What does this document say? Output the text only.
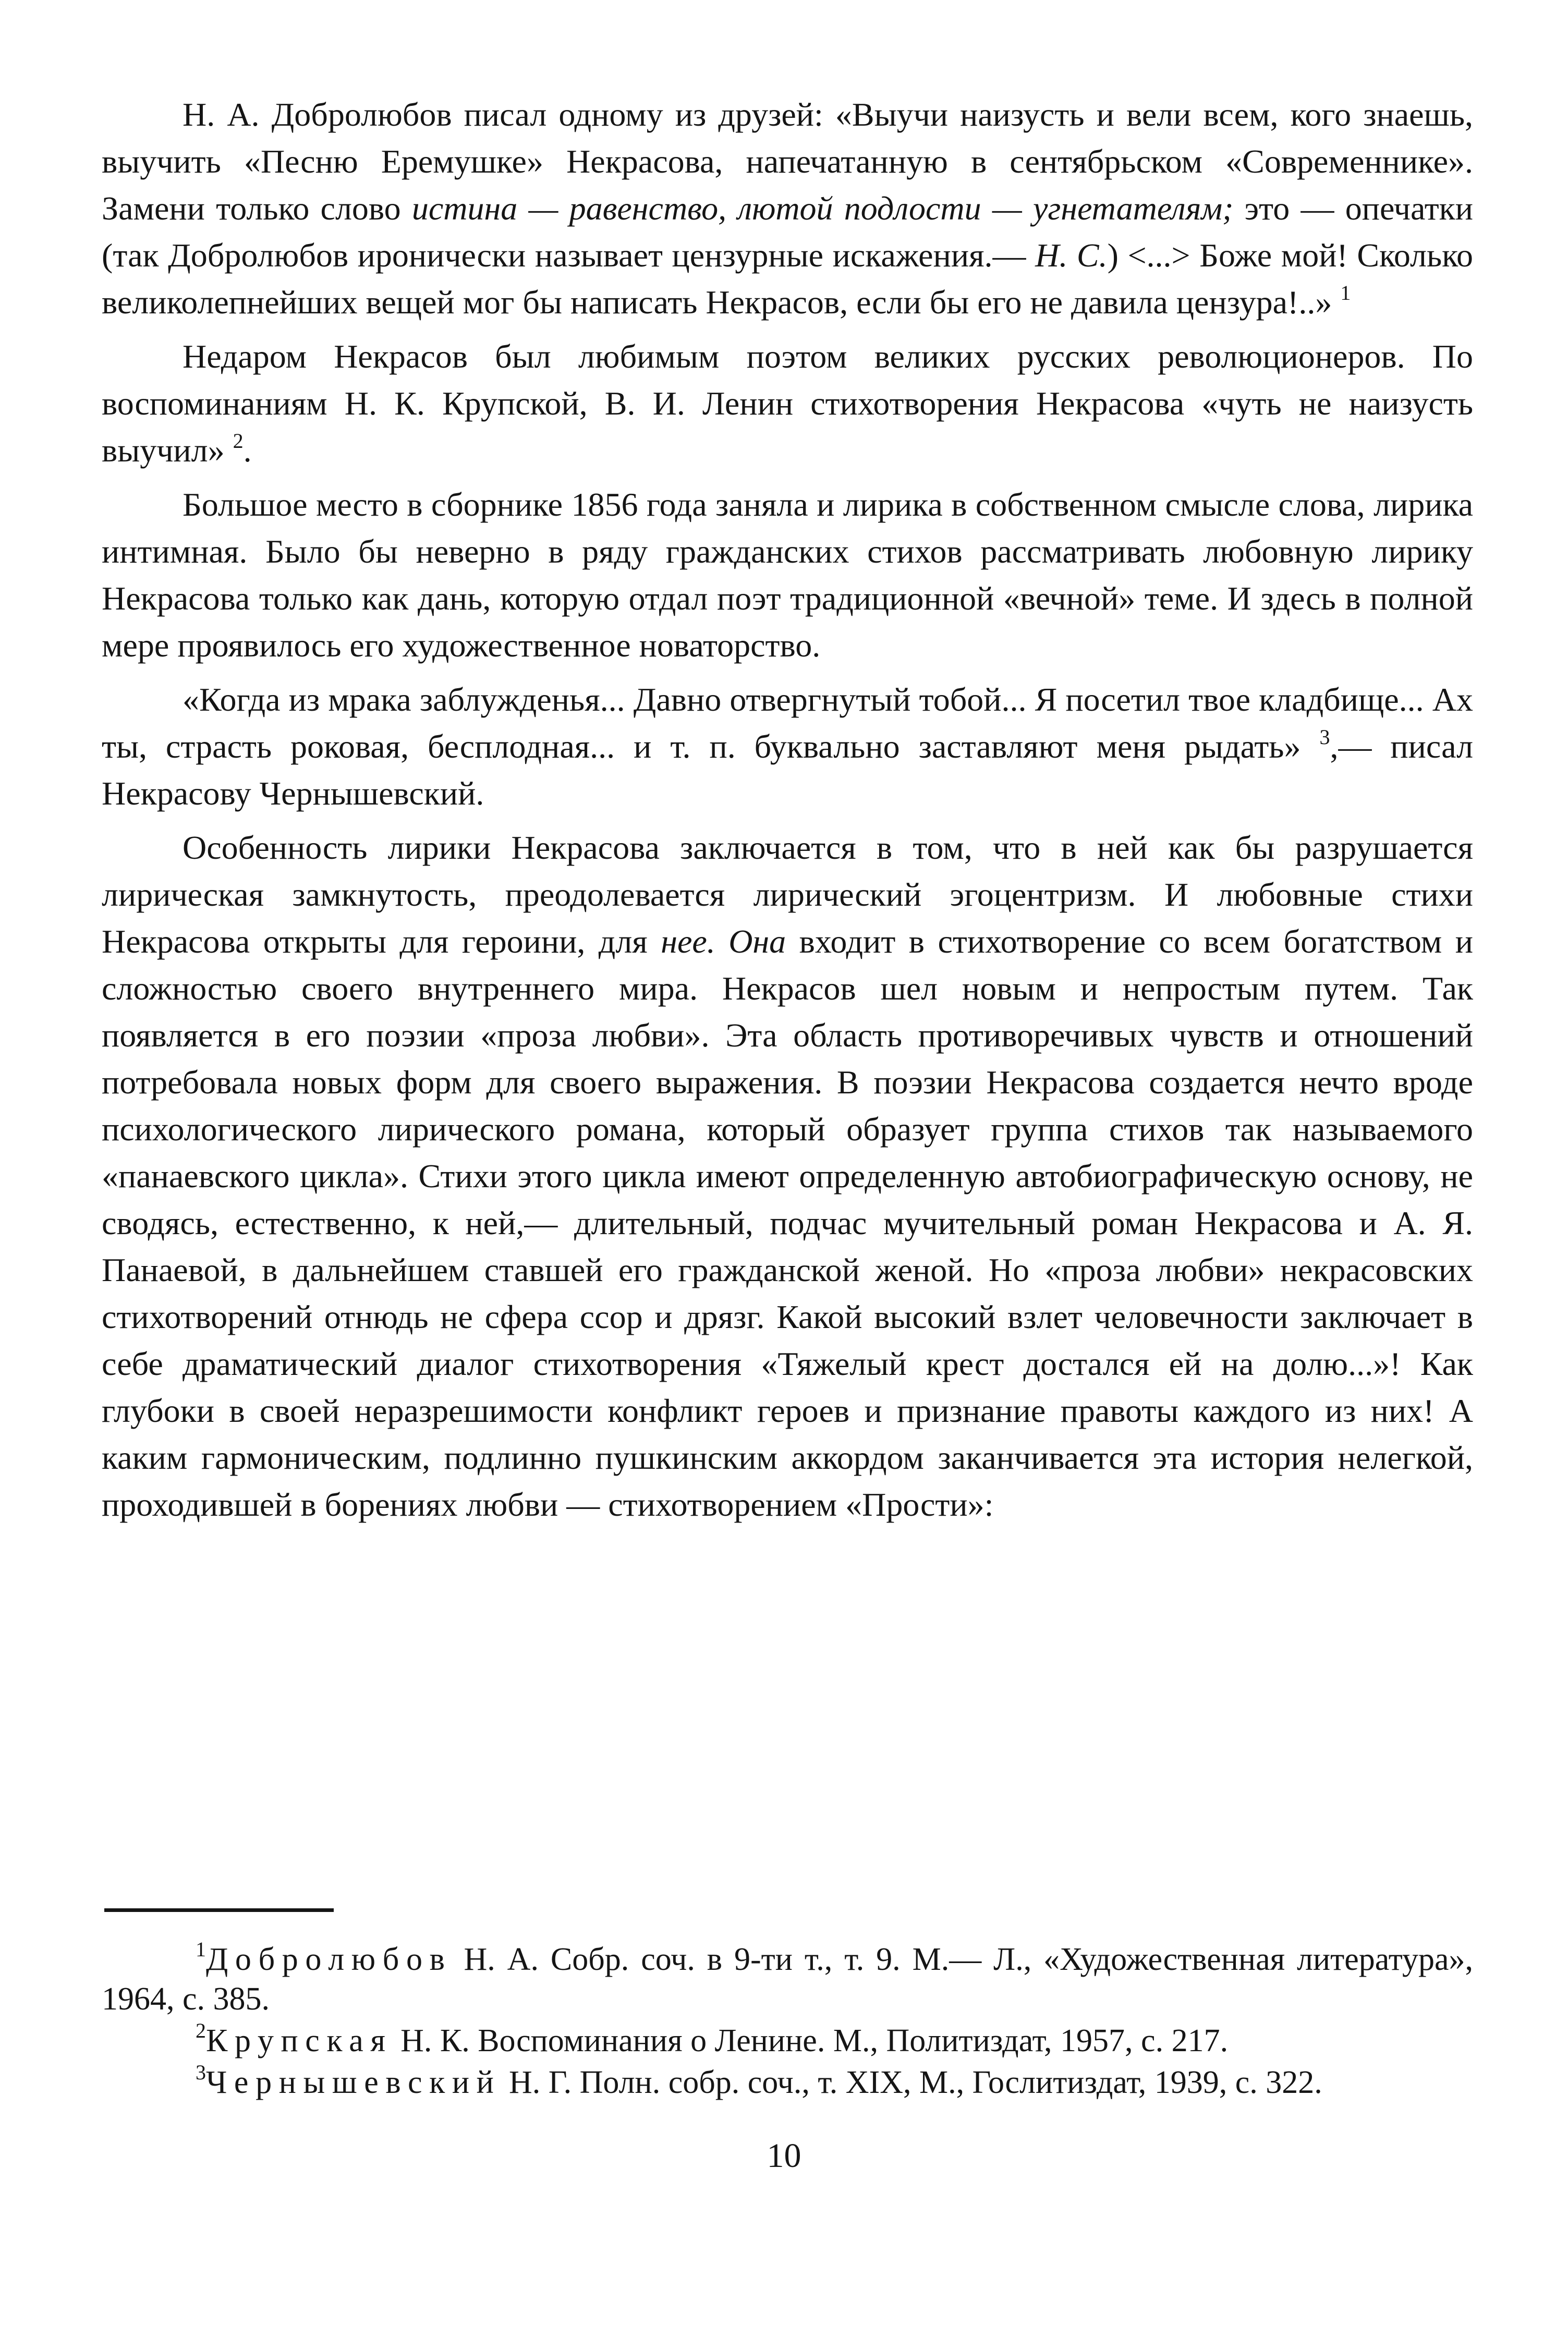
Н. А. Добролюбов писал одному из друзей: «Выучи наизусть и вели всем, кого знаешь, выучить «Песню Еремушке» Некрасова, напечатанную в сентябрьском «Современнике». Замени только слово истина — равенство, лютой подлости — угнетателям; это — опечатки (так Добролюбов иронически называет цензурные искажения.— Н. С.) <...> Боже мой! Сколько великолепнейших вещей мог бы написать Некрасов, если бы его не давила цензура!..» $^1$

Недаром Некрасов был любимым поэтом великих русских революционеров. По воспоминаниям Н. К. Крупской, В. И. Ленин стихотворения Некрасова «чуть не наизусть выучил» $^2$.

Большое место в сборнике 1856 года заняла и лирика в собственном смысле слова, лирика интимная. Было бы неверно в ряду гражданских стихов рассматривать любовную лирику Некрасова только как дань, которую отдал поэт традиционной «вечной» теме. И здесь в полной мере проявилось его художественное новаторство.

«Когда из мрака заблужденья... Давно отвергнутый тобой... Я посетил твое кладбище... Ах ты, страсть роковая, бесплодная... и т. п. буквально заставляют меня рыдать» $^3$,— писал Некрасову Чернышевский.

Особенность лирики Некрасова заключается в том, что в ней как бы разрушается лирическая замкнутость, преодолевается лирический эгоцентризм. И любовные стихи Некрасова открыты для героини, для нее. Она входит в стихотворение со всем богатством и сложностью своего внутреннего мира. Некрасов шел новым и непростым путем. Так появляется в его поэзии «проза любви». Эта область противоречивых чувств и отношений потребовала новых форм для своего выражения. В поэзии Некрасова создается нечто вроде психологического лирического романа, который образует группа стихов так называемого «панаевского цикла». Стихи этого цикла имеют определенную автобиографическую основу, не сводясь, естественно, к ней,— длительный, подчас мучительный роман Некрасова и А. Я. Панаевой, в дальнейшем ставшей его гражданской женой. Но «проза любви» некрасовских стихотворений отнюдь не сфера ссор и дрязг. Какой высокий взлет человечности заключает в себе драматический диалог стихотворения «Тяжелый крест достался ей на долю...»! Как глубоки в своей неразрешимости конфликт героев и признание правоты каждого из них! А каким гармоническим, подлинно пушкинским аккордом заканчивается эта история нелегкой, проходившей в борениях любви — стихотворением «Прости»:

$^1$Добролюбов Н. А. Собр. соч. в 9-ти т., т. 9. М.— Л., «Художественная литература», 1964, с. 385.

$^2$Крупская Н. К. Воспоминания о Ленине. М., Политиздат, 1957, с. 217.

$^3$Чернышевский Н. Г. Полн. собр. соч., т. XIX, М., Гослитиздат, 1939, с. 322.

10
